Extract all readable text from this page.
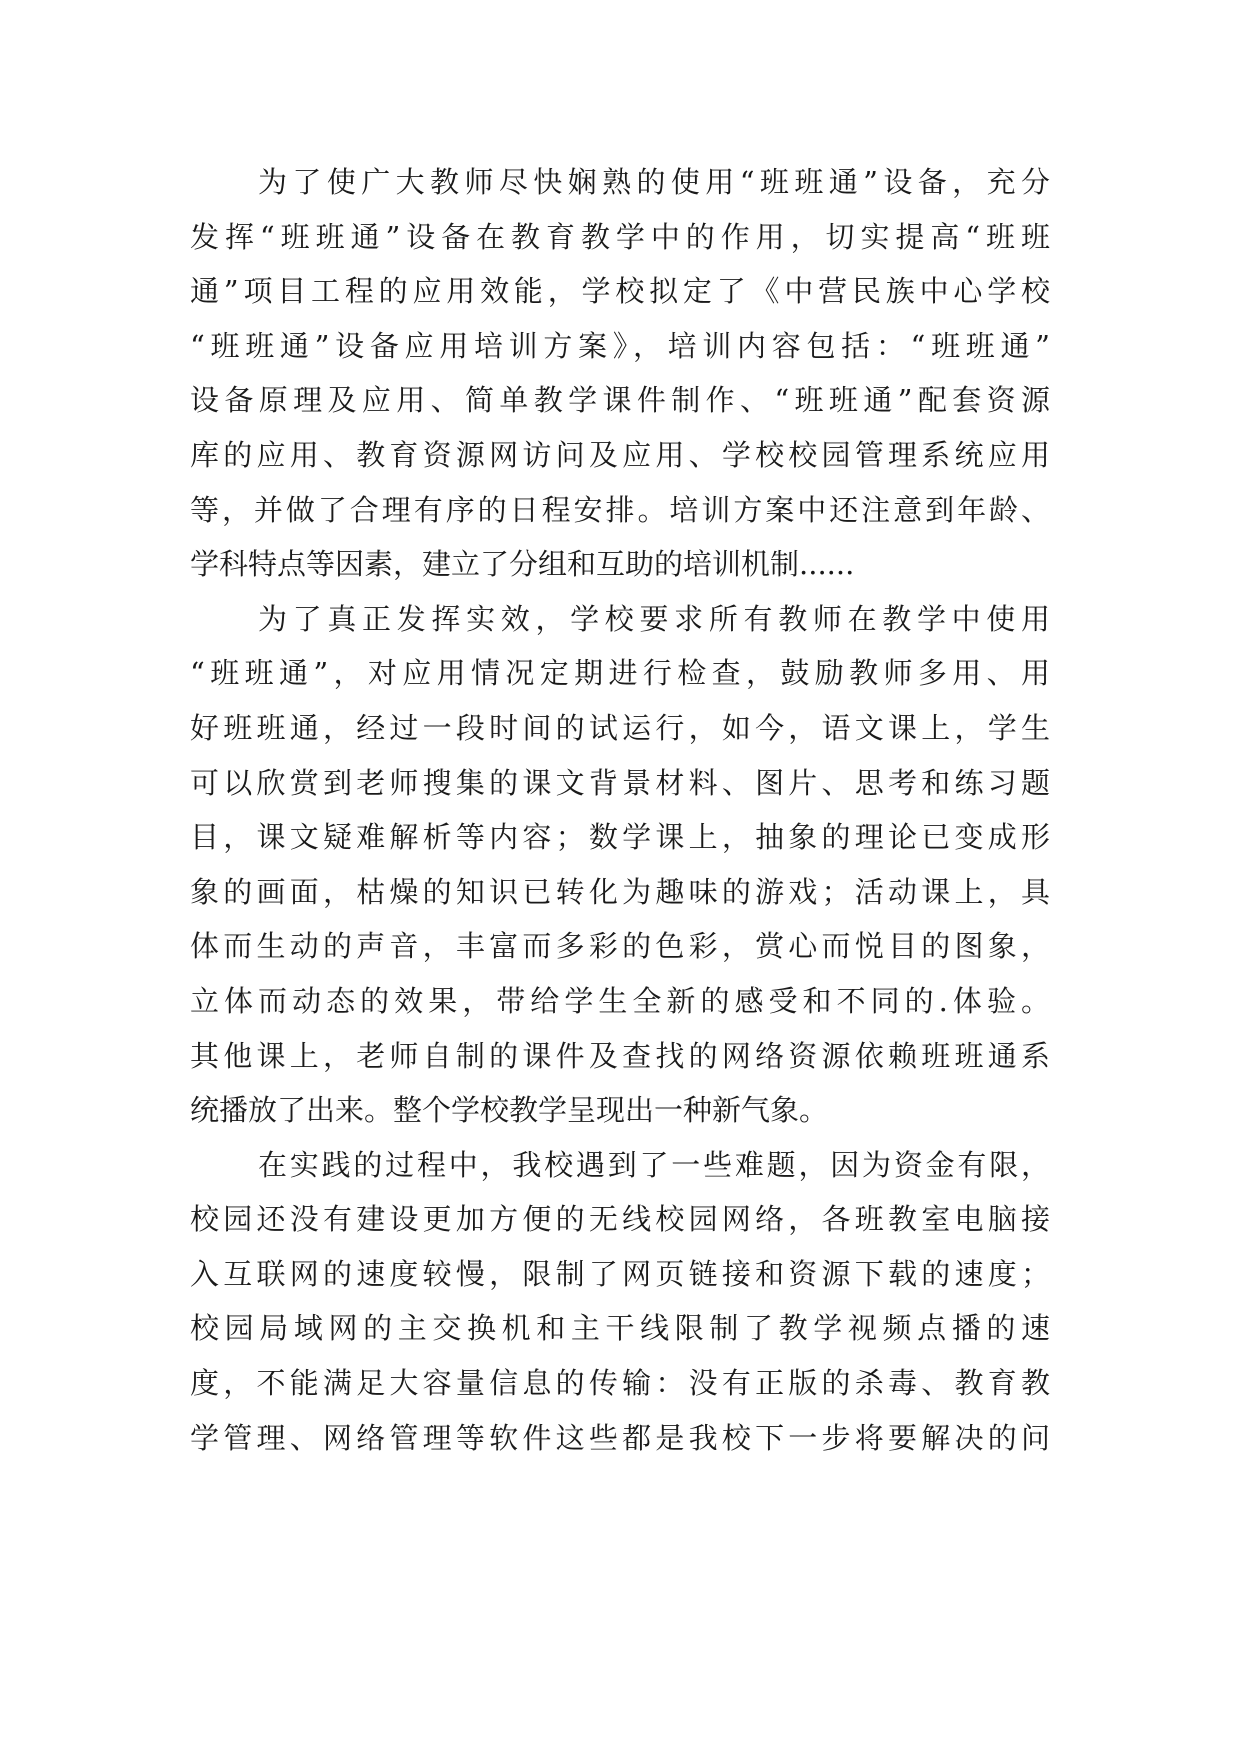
为了使广大教师尽快娴熟的使用“班班通”设备，充分
发挥“班班通”设备在教育教学中的作用，切实提高“班班
通”项目工程的应用效能，学校拟定了《中营民族中心学校
“班班通”设备应用培训方案》，培训内容包括：“班班通”
设备原理及应用、简单教学课件制作、“班班通”配套资源
库的应用、教育资源网访问及应用、学校校园管理系统应用
等，并做了合理有序的日程安排。培训方案中还注意到年龄、
学科特点等因素，建立了分组和互助的培训机制......
为了真正发挥实效，学校要求所有教师在教学中使用
“班班通”，对应用情况定期进行检查，鼓励教师多用、用
好班班通，经过一段时间的试运行，如今，语文课上，学生
可以欣赏到老师搜集的课文背景材料、图片、思考和练习题
目，课文疑难解析等内容；数学课上，抽象的理论已变成形
象的画面，枯燥的知识已转化为趣味的游戏；活动课上，具
体而生动的声音，丰富而多彩的色彩，赏心而悦目的图象，
立体而动态的效果，带给学生全新的感受和不同的.体验。
其他课上，老师自制的课件及查找的网络资源依赖班班通系
统播放了出来。整个学校教学呈现出一种新气象。
在实践的过程中，我校遇到了一些难题，因为资金有限，
校园还没有建设更加方便的无线校园网络，各班教室电脑接
入互联网的速度较慢，限制了网页链接和资源下载的速度；
校园局域网的主交换机和主干线限制了教学视频点播的速
度，不能满足大容量信息的传输：没有正版的杀毒、教育教
学管理、网络管理等软件这些都是我校下一步将要解决的问
